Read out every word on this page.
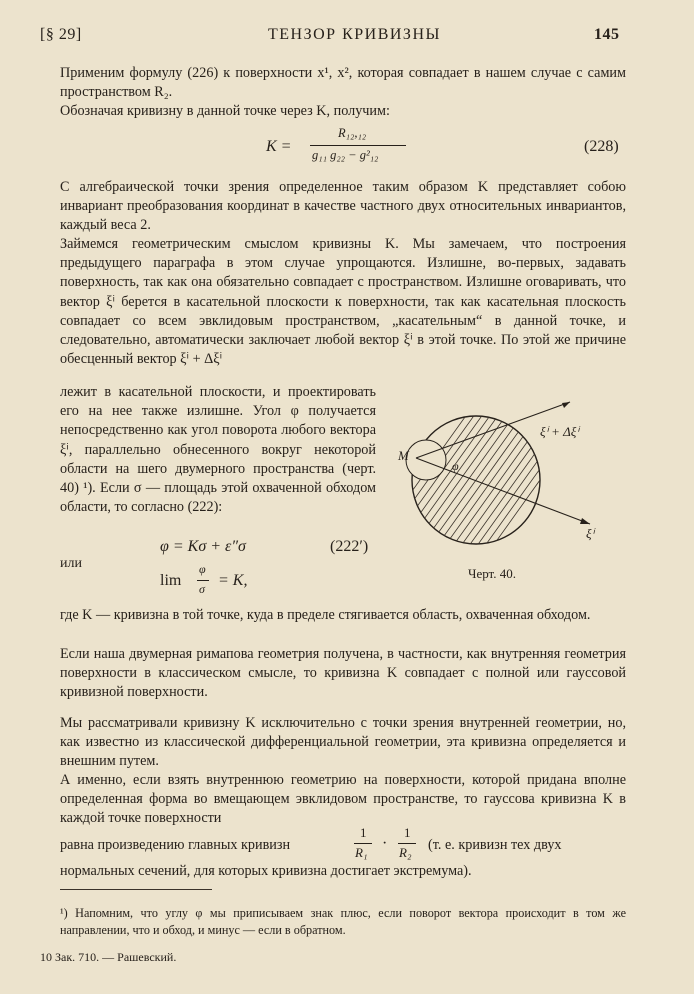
[§ 29]	ТЕНЗОР КРИВИЗНЫ	145
Применим формулу (226) к поверхности x¹, x², которая совпадает в нашем случае с самим пространством R₂.
Обозначая кривизну в данной точке через K, получим:
K =
R₁₂,₁₂
g₁₁ g₂₂ − g²₁₂	(228)
С алгебраической точки зрения определенное таким образом K представляет собою инвариант преобразования координат в качестве частного двух относительных инвариантов, каждый веса 2.
Займемся геометрическим смыслом кривизны K. Мы замечаем, что построения предыдущего параграфа в этом случае упрощаются. Излишне, во-первых, задавать поверхность, так как она обязательно совпадает с пространством. Излишне оговаривать, что вектор ξⁱ берется в касательной плоскости к поверхности, так как касательная плоскость совпадает со всем эвклидовым пространством, „касательным“ в данной точке, и следовательно, автоматически заключает любой вектор ξⁱ в этой точке. По этой же причине обесценный вектор ξⁱ + Δξⁱ
лежит в касательной плоскости, и проектировать его на нее также излишне. Угол φ получается непосредственно как угол поворота любого вектора ξⁱ, параллельно обнесенного вокруг некоторой области на шего двумерного пространства (черт. 40) ¹). Если σ — площадь этой охваченной обходом области, то согласно (222):
φ = Kσ + ε″σ	(222′)
или
lim
φ
σ = K,
M
φ
ξⁱ + Δξⁱ
ξⁱ
Черт. 40.
где K — кривизна в той точке, куда в пределе стягивается область, охваченная обходом.
Если наша двумерная римапова геометрия получена, в частности, как внутренняя геометрия поверхности в классическом смысле, то кривизна K совпадает с полной или гауссовой кривизной поверхности.
Мы рассматривали кривизну K исключительно с точки зрения внутренней геометрии, но, как известно из классической дифференциальной геометрии, эта кривизна определяется и внешним путем.
А именно, если взять внутреннюю геометрию на поверхности, которой придана вполне определенная форма во вмещающем эвклидовом пространстве, то гауссова кривизна K в каждой точке поверхности
равна произведению главных кривизн
1
R₁
·
1
R₂ (т. е. кривизн тех двух
нормальных сечений, для которых кривизна достигает экстремума).
¹) Напомним, что углу φ мы приписываем знак плюс, если поворот вектора происходит в том же направлении, что и обход, и минус — если в обратном.
10 Зак. 710. — Рашевский.
